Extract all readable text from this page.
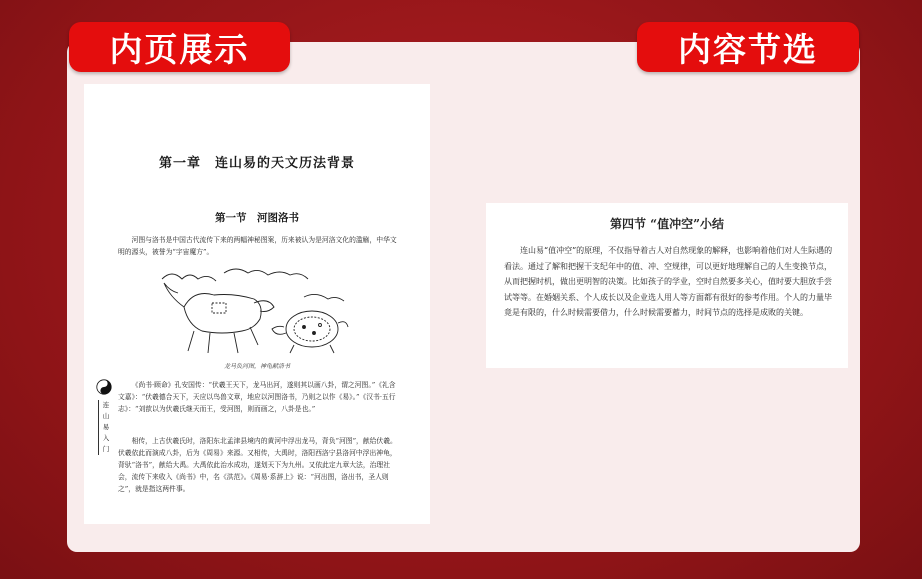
内页展示	内容节选
第一章　连山易的天文历法背景
第一节　河图洛书

河图与洛书是中国古代流传下来的两幅神秘图案，历来被认为是河洛文化的滥觞，中华文明的源头，被誉为“宇宙魔方”。

龙马负河图，神龟献洛书

《尚书·顾命》孔安国传：“伏羲王天下，龙马出河，遂则其以画八卦，谓之河图。”《礼含文嘉》：“伏羲德合天下，天应以鸟兽文章，地应以河图洛书，乃则之以作《易》。”《汉书·五行志》：“刘歆以为伏羲氏继天而王，受河图，则而画之，八卦是也。”

相传，上古伏羲氏时，洛阳东北孟津县境内的黄河中浮出龙马，背负“河图”，献给伏羲。伏羲依此而演成八卦，后为《周易》来源。又相传，大禹时，洛阳西洛宁县洛河中浮出神龟，背驮“洛书”，献给大禹。大禹依此治水成功，遂划天下为九州。又依此定九章大法，治理社会，流传下来收入《尚书》中，名《洪范》。《周易·系辞上》说：“河出图，洛出书，圣人则之”，就是指这两件事。

连山易入门
第四节 “值冲空”小结

连山易“值冲空”的原理，不仅指导着古人对自然现象的解释，也影响着他们对人生际遇的看法。通过了解和把握干支纪年中的值、冲、空规律，可以更好地理解自己的人生变换节点，从而把握时机，做出更明智的决策。比如孩子的学业，空时自然要多关心，值时要大胆放手尝试等等。在婚姻关系、个人成长以及企业选人用人等方面都有很好的参考作用。个人的力量毕竟是有限的，什么时候需要借力，什么时候需要蓄力，时间节点的选择是成败的关键。
